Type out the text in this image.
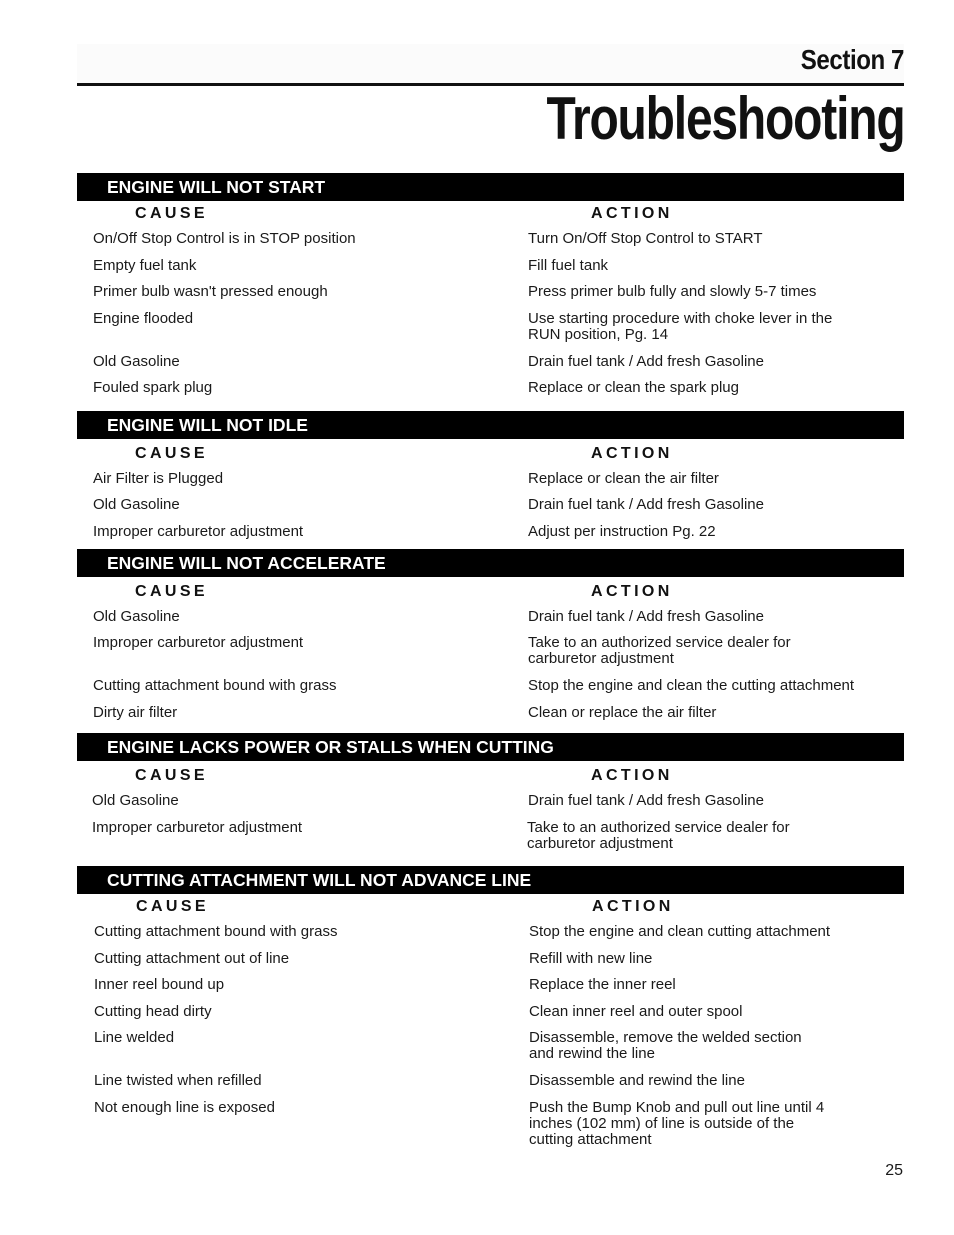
Section 7
Troubleshooting
ENGINE WILL NOT START
CAUSE	ACTION
On/Off Stop Control is in STOP position	Turn On/Off Stop Control to START
Empty fuel tank	Fill fuel tank
Primer bulb wasn't pressed enough	Press primer bulb fully and slowly 5-7 times
Engine flooded	Use starting procedure with choke lever in the RUN position, Pg. 14
Old Gasoline	Drain fuel tank / Add fresh Gasoline
Fouled spark plug	Replace or clean the spark plug
ENGINE WILL NOT IDLE
CAUSE	ACTION
Air Filter is Plugged	Replace or clean the air filter
Old Gasoline	Drain fuel tank / Add fresh Gasoline
Improper carburetor adjustment	Adjust per instruction Pg. 22
ENGINE WILL NOT ACCELERATE
CAUSE	ACTION
Old Gasoline	Drain fuel tank / Add fresh Gasoline
Improper carburetor adjustment	Take to an authorized service dealer for carburetor adjustment
Cutting attachment bound with grass	Stop the engine and clean the cutting attachment
Dirty air filter	Clean or replace the air filter
ENGINE LACKS POWER OR STALLS WHEN CUTTING
CAUSE	ACTION
Old Gasoline	Drain fuel tank / Add fresh Gasoline
Improper carburetor adjustment	Take to an authorized service dealer for carburetor adjustment
CUTTING ATTACHMENT WILL NOT ADVANCE LINE
CAUSE	ACTION
Cutting attachment bound with grass	Stop the engine and clean cutting attachment
Cutting attachment out of line	Refill with new line
Inner reel bound up	Replace the inner reel
Cutting head dirty	Clean inner reel and outer spool
Line welded	Disassemble, remove the welded section and rewind the line
Line twisted when refilled	Disassemble and rewind the line
Not enough line is exposed	Push the Bump Knob and pull out line until 4 inches (102 mm) of line is outside of the cutting attachment
25
